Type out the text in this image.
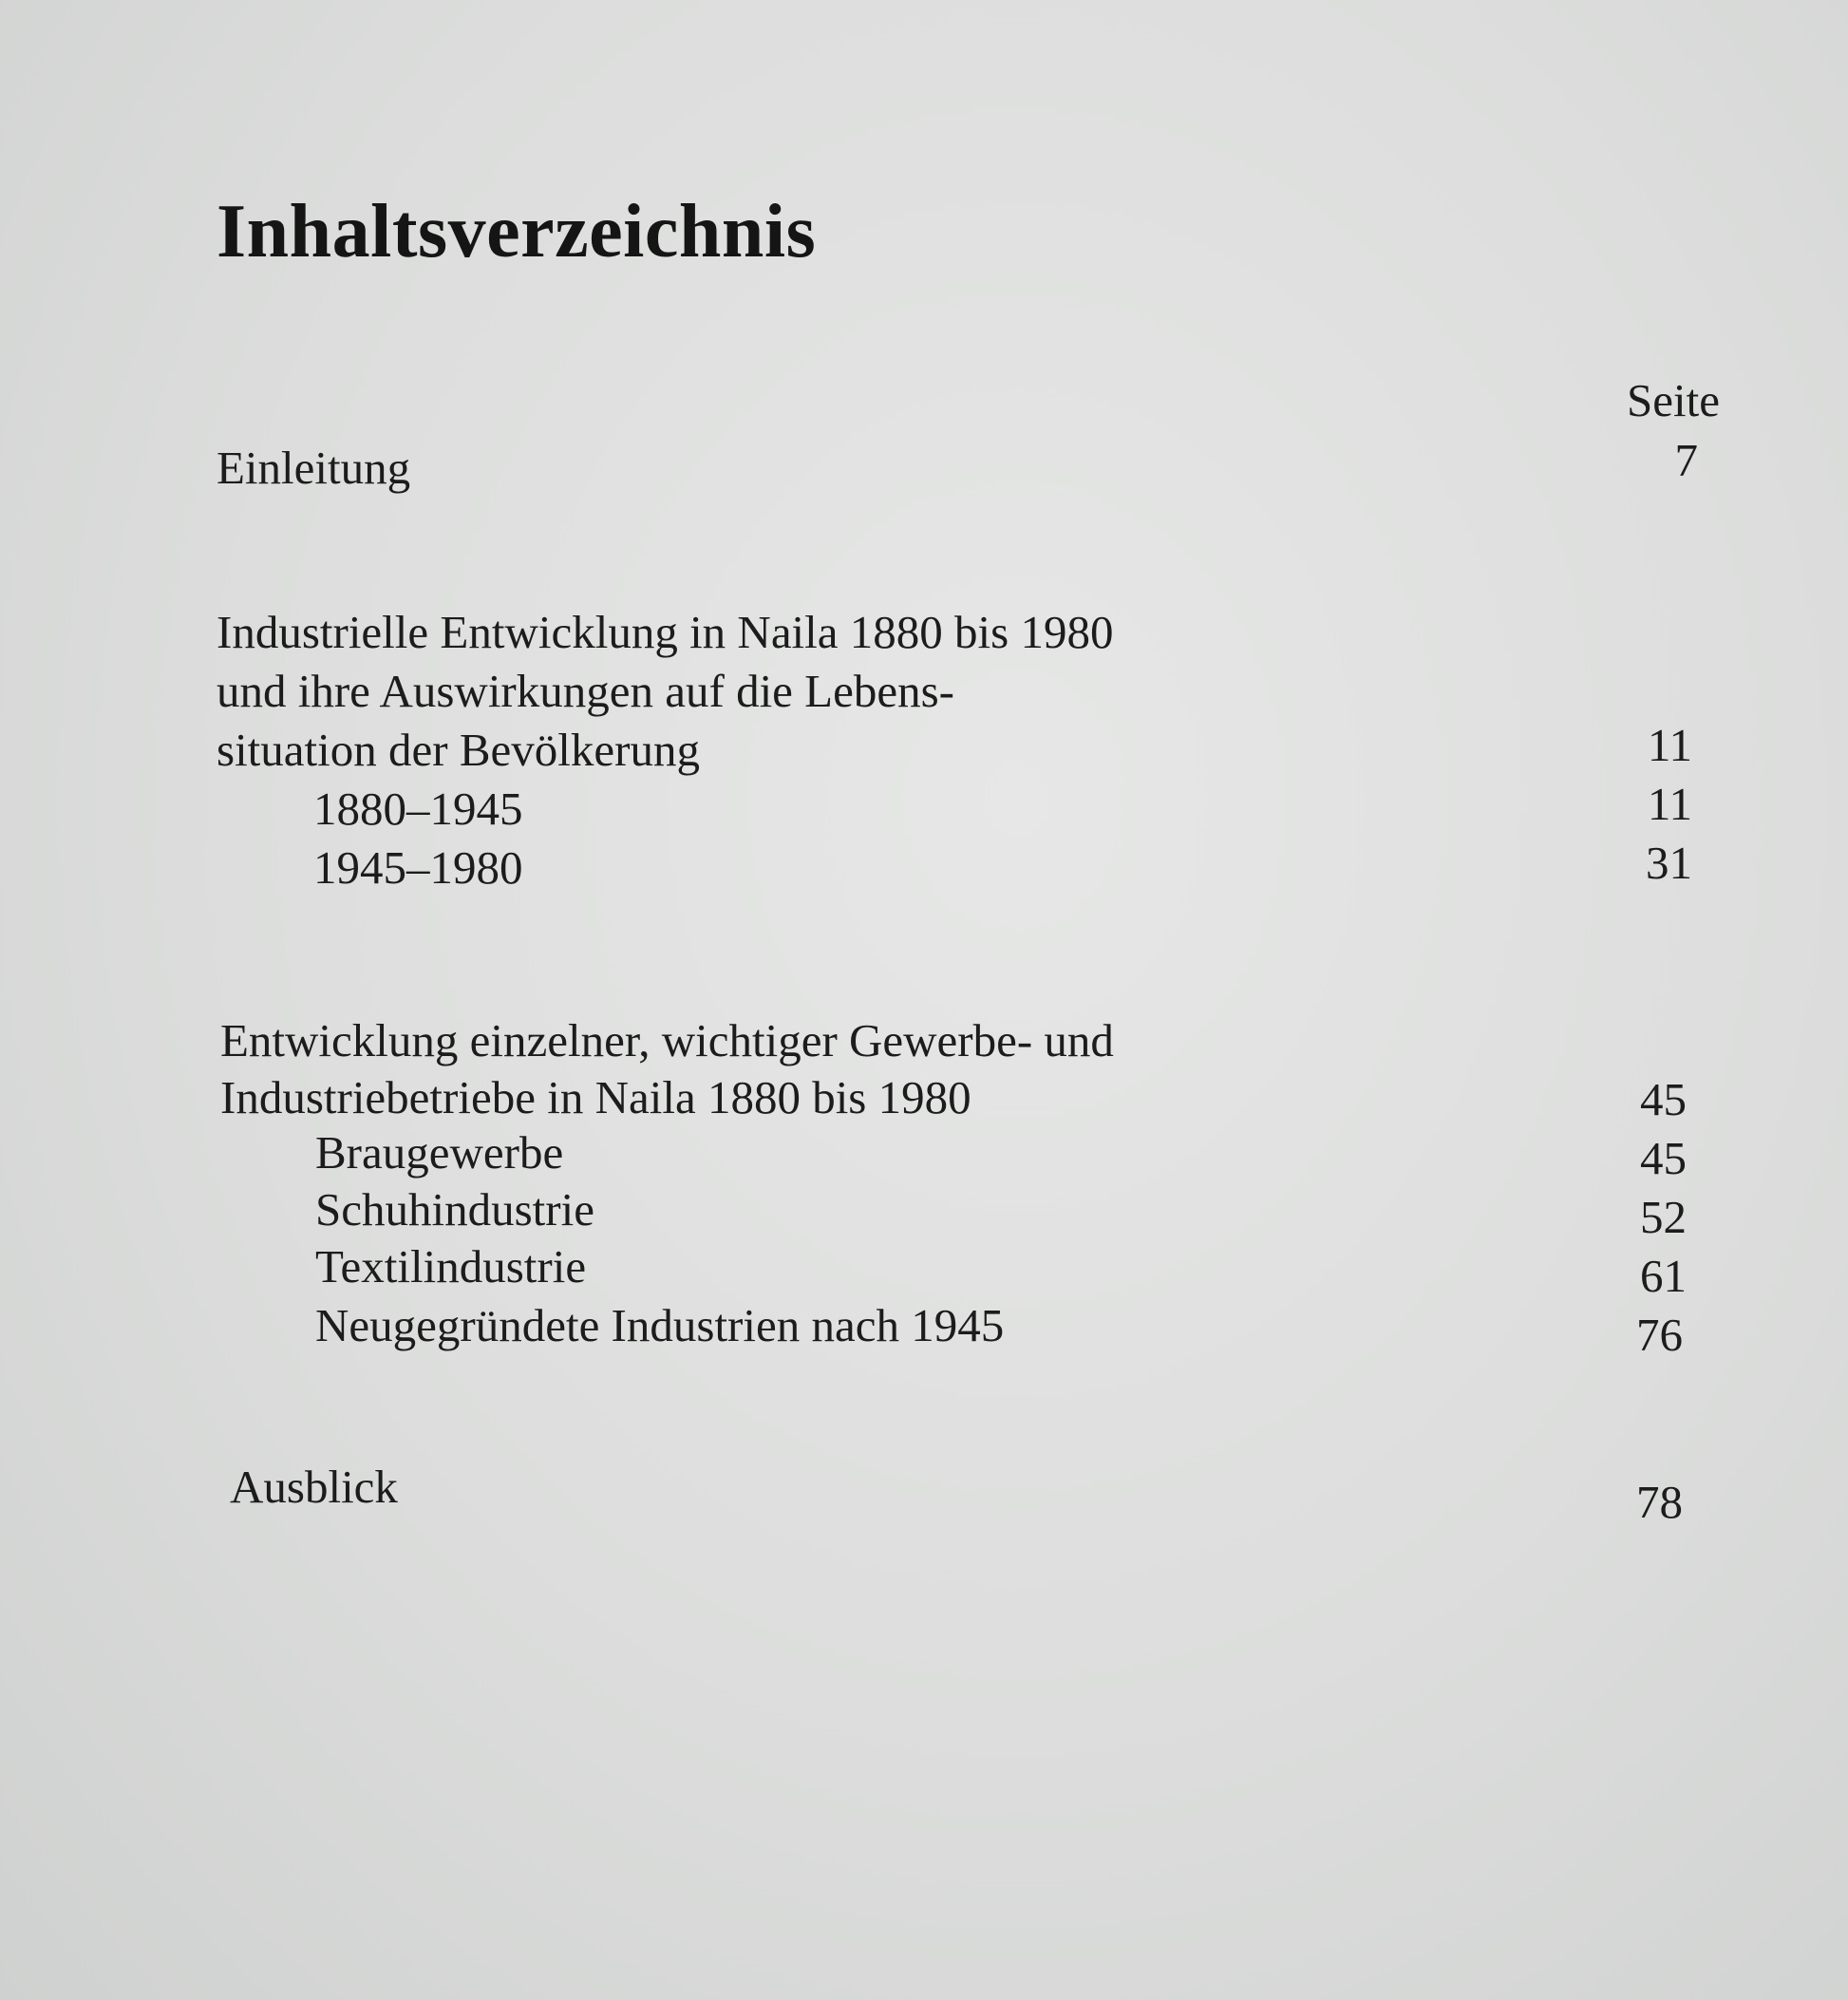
Inhaltsverzeichnis
Seite
Einleitung	7
Industrielle Entwicklung in Naila 1880 bis 1980
und ihre Auswirkungen auf die Lebens-
situation der Bevölkerung	11
1880–1945	11
1945–1980	31
Entwicklung einzelner, wichtiger Gewerbe- und
Industriebetriebe in Naila 1880 bis 1980	45
Braugewerbe	45
Schuhindustrie	52
Textilindustrie	61
Neugegründete Industrien nach 1945	76
Ausblick	78
